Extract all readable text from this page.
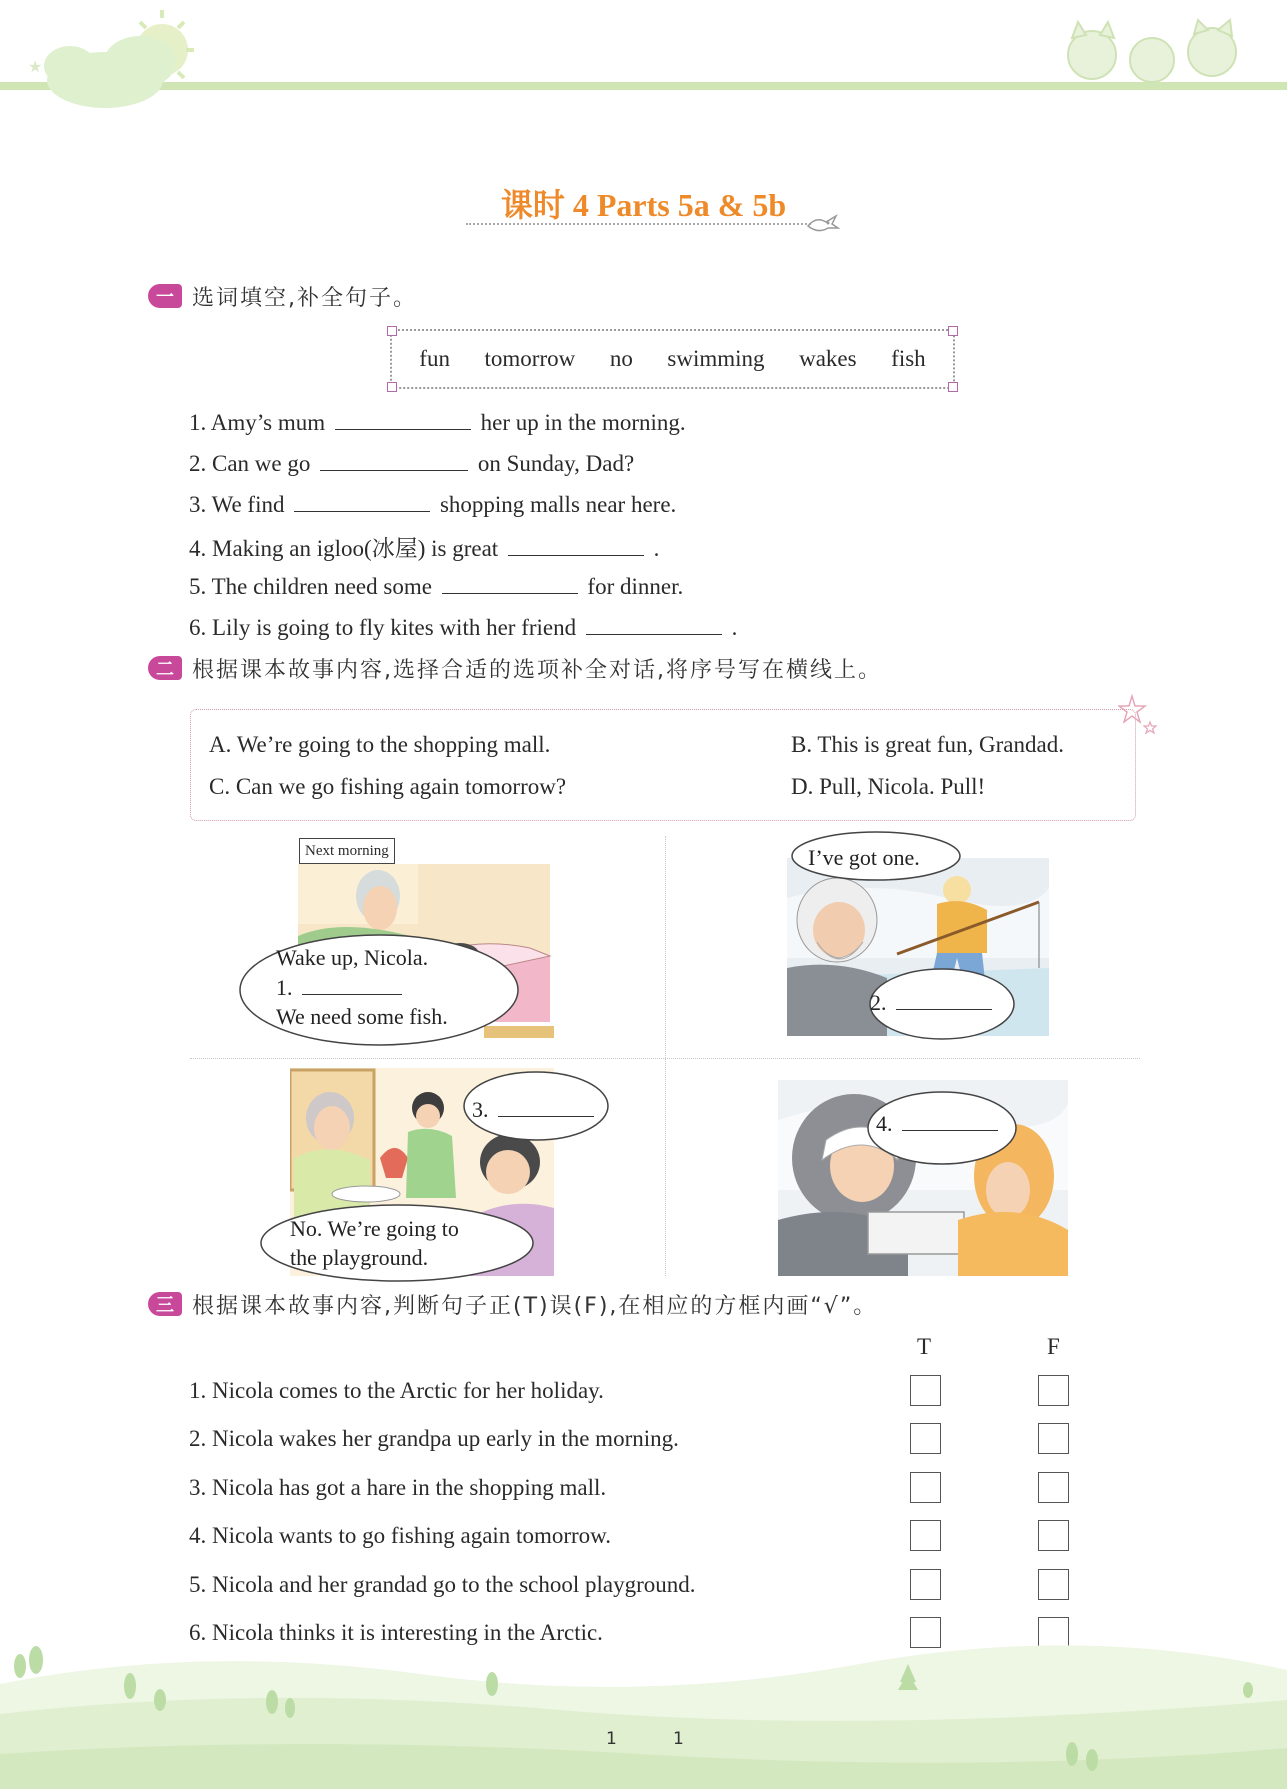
★
课时 4 Parts 5a & 5b
一 选词填空,补全句子。
fun tomorrow no swimming wakes fish
1. Amy’s mum	her up in the morning.
2. Can we go	on Sunday, Dad?
3. We find	shopping malls near here.
4. Making an igloo(冰屋) is great	.
5. The children need some	for dinner.
6. Lily is going to fly kites with her friend	.
二 根据课本故事内容,选择合适的选项补全对话,将序号写在横线上。
A. We’re going to the shopping mall.	B. This is great fun, Grandad.
C. Can we go fishing again tomorrow?	D. Pull, Nicola. Pull!
Next morning
Wake up, Nicola.
1.
We need some fish.
I’ve got one.
2.
3.
No. We’re going to
the playground.
4.
三 根据课本故事内容,判断句子正(T)误(F),在相应的方框内画“√”。
T	F
1. Nicola comes to the Arctic for her holiday.
2. Nicola wakes her grandpa up early in the morning.
3. Nicola has got a hare in the shopping mall.
4. Nicola wants to go fishing again tomorrow.
5. Nicola and her grandad go to the school playground.
6. Nicola thinks it is interesting in the Arctic.
1	1
